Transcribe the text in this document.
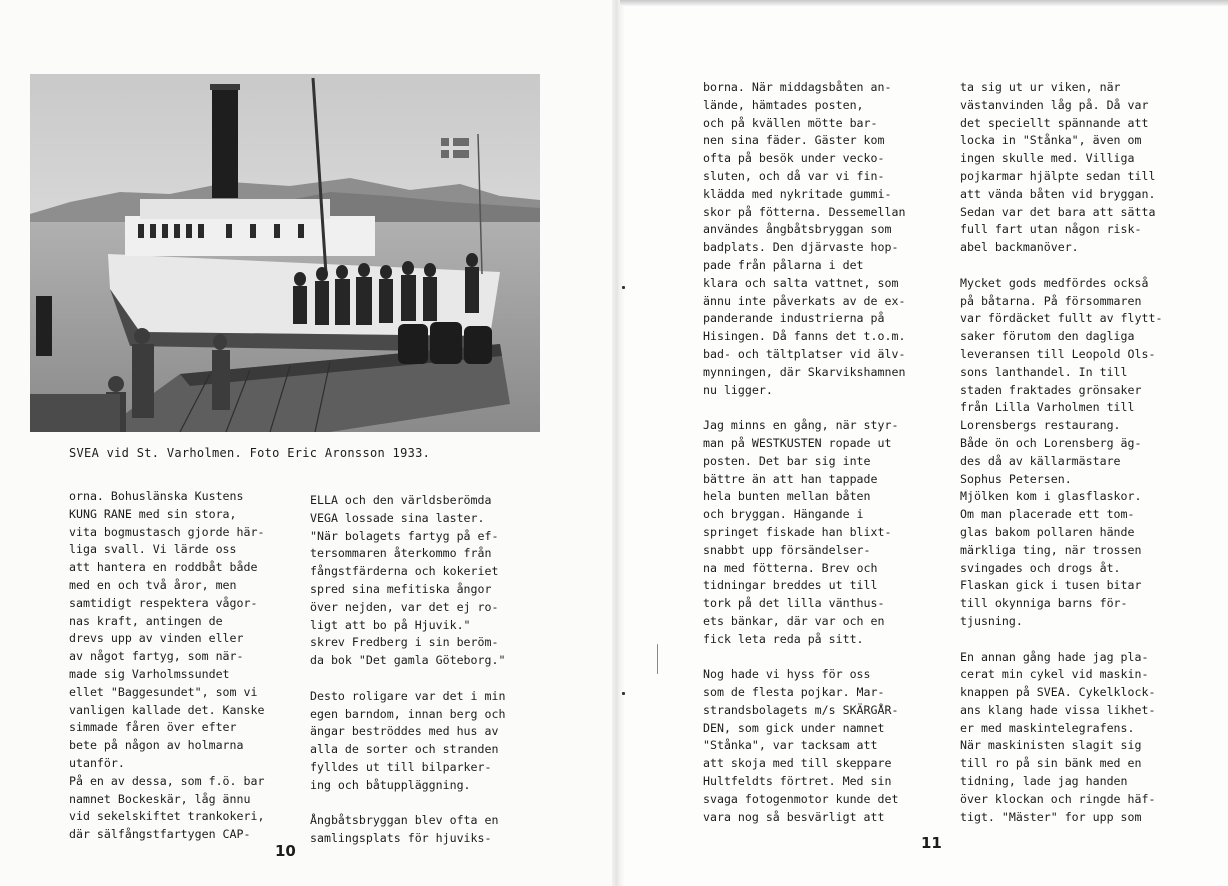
SVEA vid St. Varholmen. Foto Eric Aronsson 1933.
orna. Bohuslänska Kustens
KUNG RANE med sin stora,
vita bogmustasch gjorde här-
liga svall. Vi lärde oss
att hantera en roddbåt både
med en och två åror, men
samtidigt respektera vågor-
nas kraft, antingen de
drevs upp av vinden eller
av något fartyg, som när-
made sig Varholmssundet
ellet "Baggesundet", som vi
vanligen kallade det. Kanske
simmade fåren över efter
bete på någon av holmarna
utanför.
På en av dessa, som f.ö. bar
namnet Bockeskär, låg ännu
vid sekelskiftet trankokeri,
där sälfångstfartygen CAP-
ELLA och den världsberömda
VEGA lossade sina laster.
"När bolagets fartyg på ef-
tersommaren återkommo från
fångstfärderna och kokeriet
spred sina mefitiska ångor
över nejden, var det ej ro-
ligt att bo på Hjuvik."
skrev Fredberg i sin beröm-
da bok "Det gamla Göteborg."
Desto roligare var det i min
egen barndom, innan berg och
ängar beströddes med hus av
alla de sorter och stranden
fylldes ut till bilparker-
ing och båtuppläggning.
Ångbåtsbryggan blev ofta en
samlingsplats för hjuviks-
10
borna. När middagsbåten an-
lände, hämtades posten,
och på kvällen mötte bar-
nen sina fäder. Gäster kom
ofta på besök under vecko-
sluten, och då var vi fin-
klädda med nykritade gummi-
skor på fötterna. Dessemellan
användes ångbåtsbryggan som
badplats. Den djärvaste hop-
pade från pålarna i det
klara och salta vattnet, som
ännu inte påverkats av de ex-
panderande industrierna på
Hisingen. Då fanns det t.o.m.
bad- och tältplatser vid älv-
mynningen, där Skarvikshamnen
nu ligger.
Jag minns en gång, när styr-
man på WESTKUSTEN ropade ut
posten. Det bar sig inte
bättre än att han tappade
hela bunten mellan båten
och bryggan. Hängande i
springet fiskade han blixt-
snabbt upp försändelser-
na med fötterna. Brev och
tidningar breddes ut till
tork på det lilla vänthus-
ets bänkar, där var och en
fick leta reda på sitt.
Nog hade vi hyss för oss
som de flesta pojkar. Mar-
strandsbolagets m/s SKÄRGÅR-
DEN, som gick under namnet
"Stånka", var tacksam att
att skoja med till skeppare
Hultfeldts förtret. Med sin
svaga fotogenmotor kunde det
vara nog så besvärligt att
ta sig ut ur viken, när
västanvinden låg på. Då var
det speciellt spännande att
locka in "Stånka", även om
ingen skulle med. Villiga
pojkarmar hjälpte sedan till
att vända båten vid bryggan.
Sedan var det bara att sätta
full fart utan någon risk-
abel backmanöver.
Mycket gods medfördes också
på båtarna. På försommaren
var fördäcket fullt av flytt-
saker förutom den dagliga
leveransen till Leopold Ols-
sons lanthandel. In till
staden fraktades grönsaker
från Lilla Varholmen till
Lorensbergs restaurang.
Både ön och Lorensberg äg-
des då av källarmästare
Sophus Petersen.
Mjölken kom i glasflaskor.
Om man placerade ett tom-
glas bakom pollaren hände
märkliga ting, när trossen
svingades och drogs åt.
Flaskan gick i tusen bitar
till okynniga barns för-
tjusning.
En annan gång hade jag pla-
cerat min cykel vid maskin-
knappen på SVEA. Cykelklock-
ans klang hade vissa likhet-
er med maskintelegrafens.
När maskinisten slagit sig
till ro på sin bänk med en
tidning, lade jag handen
över klockan och ringde häf-
tigt. "Mäster" for upp som
11
